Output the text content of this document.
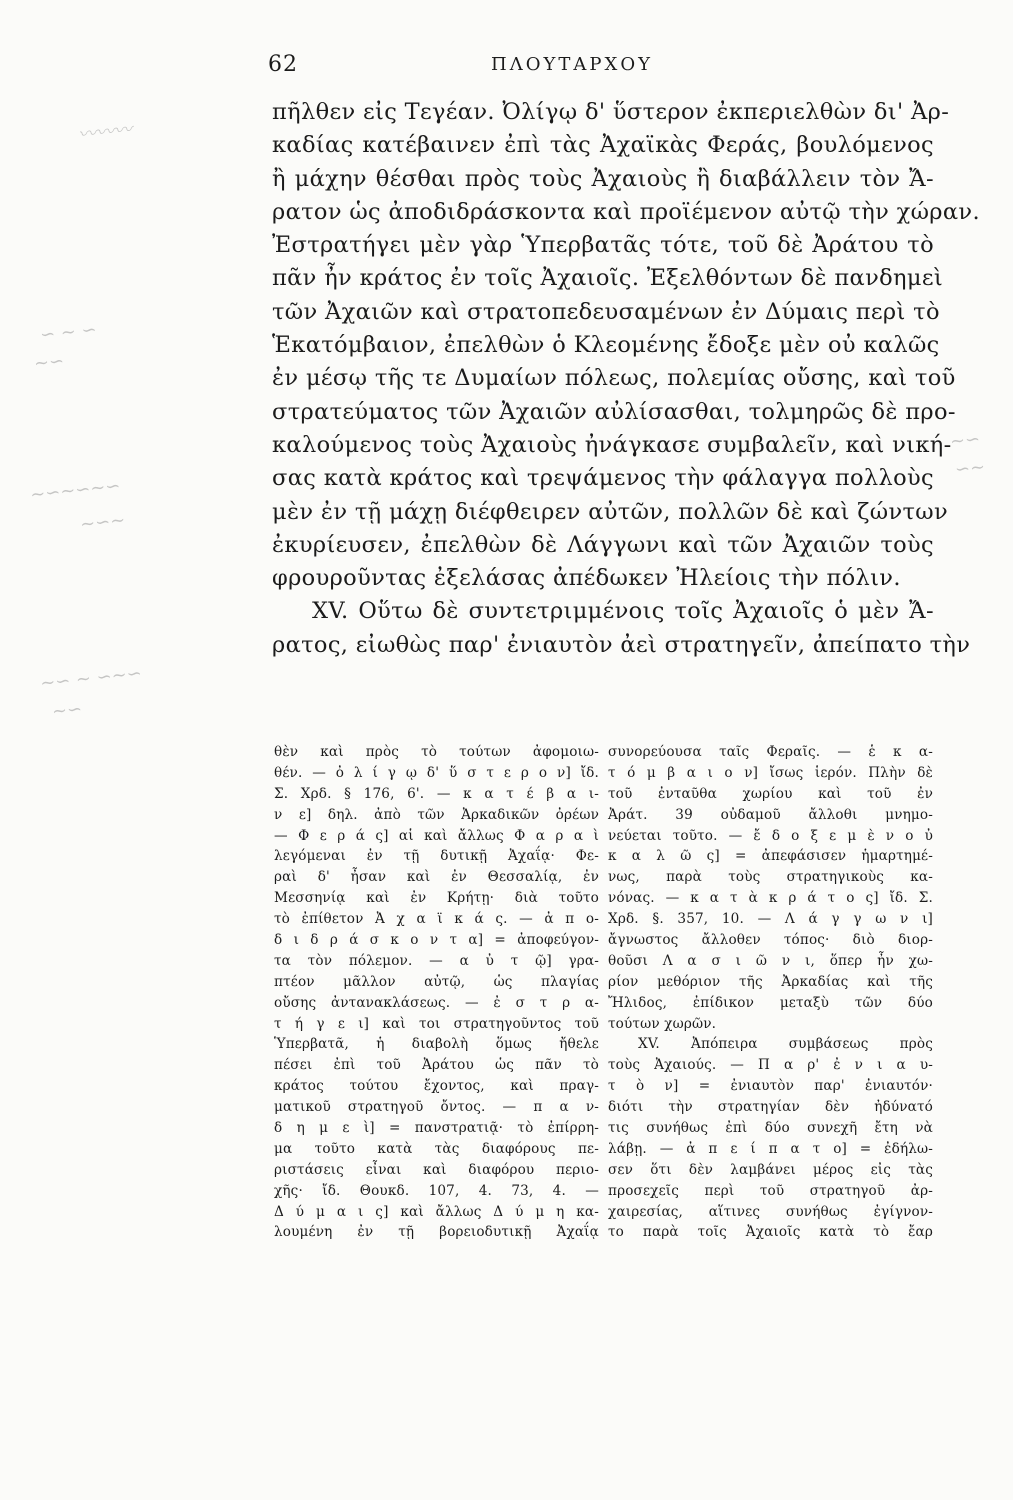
62	ΠΛΟΥΤΑΡΧΟΥ
〰〰〰
∽ ∼ ∽
∼∽
∼∽∼∽∼∽
∼∽∼
∼∽ ∼ ∽∼∽
∼∽
∼∽
∽∼
πῆλθεν εἰς Τεγέαν. Ὀλίγῳ δ' ὕστερον ἐκπεριελθὼν δι' Ἀρ-
καδίας κατέβαινεν ἐπὶ τὰς Ἀχαϊκὰς Φεράς, βουλόμενος
ἢ μάχην θέσθαι πρὸς τοὺς Ἀχαιοὺς ἢ διαβάλλειν τὸν Ἄ-
ρατον ὡς ἀποδιδράσκοντα καὶ προϊέμενον αὐτῷ τὴν χώραν.
Ἐστρατήγει μὲν γὰρ Ὑπερβατᾶς τότε, τοῦ δὲ Ἀράτου τὸ
πᾶν ἦν κράτος ἐν τοῖς Ἀχαιοῖς. Ἐξελθόντων δὲ πανδημεὶ
τῶν Ἀχαιῶν καὶ στρατοπεδευσαμένων ἐν Δύμαις περὶ τὸ
Ἑκατόμβαιον, ἐπελθὼν ὁ Κλεομένης ἔδοξε μὲν οὐ καλῶς
ἐν μέσῳ τῆς τε Δυμαίων πόλεως, πολεμίας οὔσης, καὶ τοῦ
στρατεύματος τῶν Ἀχαιῶν αὐλίσασθαι, τολμηρῶς δὲ προ-
καλούμενος τοὺς Ἀχαιοὺς ἠνάγκασε συμβαλεῖν, καὶ νική-
σας κατὰ κράτος καὶ τρεψάμενος τὴν φάλαγγα πολλοὺς
μὲν ἐν τῇ μάχῃ διέφθειρεν αὐτῶν, πολλῶν δὲ καὶ ζώντων
ἐκυρίευσεν, ἐπελθὼν δὲ Λάγγωνι καὶ τῶν Ἀχαιῶν τοὺς
φρουροῦντας ἐξελάσας ἀπέδωκεν Ἠλείοις τὴν πόλιν.
XV. Οὕτω δὲ συντετριμμένοις τοῖς Ἀχαιοῖς ὁ μὲν Ἄ-
ρατος, εἰωθὼς παρ' ἐνιαυτὸν ἀεὶ στρατηγεῖν, ἀπείπατο τὴν
θὲν καὶ πρὸς τὸ τούτων ἀφομοιω-
θέν. — ὀ λ ί γ ῳ δ' ὕ σ τ ε ρ ο ν] ἴδ.
Σ. Χρδ. § 176, 6'. — κ α τ έ β α ι-
ν ε] δηλ. ἀπὸ τῶν Ἀρκαδικῶν ὀρέων
— Φ ε ρ ά ς] αἱ καὶ ἄλλως Φ α ρ α ὶ
λεγόμεναι ἐν τῇ δυτικῇ Ἀχαΐᾳ· Φε-
ραὶ δ' ἦσαν καὶ ἐν Θεσσαλίᾳ, ἐν
Μεσσηνίᾳ καὶ ἐν Κρήτῃ· διὰ τοῦτο
τὸ ἐπίθετον Ἀ χ α ϊ κ ά ς. — ἀ π ο-
δ ι δ ρ ά σ κ ο ν τ α] = ἀποφεύγον-
τα τὸν πόλεμον. — α ὐ τ ῷ] γρα-
πτέον μᾶλλον αὐτῷ, ὡς πλαγίας
οὔσης ἀντανακλάσεως. — ἐ σ τ ρ α-
τ ή γ ε ι] καὶ τοι στρατηγοῦντος τοῦ
Ὑπερβατᾶ, ἡ διαβολὴ ὅμως ἤθελε
πέσει ἐπὶ τοῦ Ἀράτου ὡς πᾶν τὸ
κράτος τούτου ἔχοντος, καὶ πραγ-
ματικοῦ στρατηγοῦ ὄντος. — π α ν-
δ η μ ε ὶ] = πανστρατιᾷ· τὸ ἐπίρρη-
μα τοῦτο κατὰ τὰς διαφόρους πε-
ριστάσεις εἶναι καὶ διαφόρου περιο-
χῆς· ἴδ. Θουκδ. 107, 4. 73, 4. —
Δ ύ μ α ι ς] καὶ ἄλλως Δ ύ μ η κα-
λουμένη ἐν τῇ βορειοδυτικῇ Ἀχαΐᾳ
συνορεύουσα ταῖς Φεραῖς. — ἑ κ α-
τ ό μ β α ι ο ν] ἴσως ἱερόν. Πλὴν δὲ
τοῦ ἐνταῦθα χωρίου καὶ τοῦ ἐν
Ἀράτ. 39 οὐδαμοῦ ἄλλοθι μνημο-
νεύεται τοῦτο. — ἔ δ ο ξ ε μ ὲ ν ο ὐ
κ α λ ῶ ς] = ἀπεφάσισεν ἡμαρτημέ-
νως, παρὰ τοὺς στρατηγικοὺς κα-
νόνας. — κ α τ ὰ κ ρ ά τ ο ς] ἴδ. Σ.
Χρδ. §. 357, 10. — Λ ά γ γ ω ν ι]
ἄγνωστος ἄλλοθεν τόπος· διὸ διορ-
θοῦσι Λ α σ ι ῶ ν ι, ὅπερ ἦν χω-
ρίον μεθόριον τῆς Ἀρκαδίας καὶ τῆς
Ἤλιδος, ἐπίδικον μεταξὺ τῶν δύο
τούτων χωρῶν.
XV. Ἀπόπειρα συμβάσεως πρὸς
τοὺς Ἀχαιούς. — Π α ρ' ἐ ν ι α υ-
τ ὸ ν] = ἐνιαυτὸν παρ' ἐνιαυτόν·
διότι τὴν στρατηγίαν δὲν ἠδύνατό
τις συνήθως ἐπὶ δύο συνεχῆ ἔτη νὰ
λάβῃ. — ἀ π ε ί π α τ ο] = ἐδήλω-
σεν ὅτι δὲν λαμβάνει μέρος εἰς τὰς
προσεχεῖς περὶ τοῦ στρατηγοῦ ἀρ-
χαιρεσίας, αἵτινες συνήθως ἐγίγνον-
το παρὰ τοῖς Ἀχαιοῖς κατὰ τὸ ἔαρ
